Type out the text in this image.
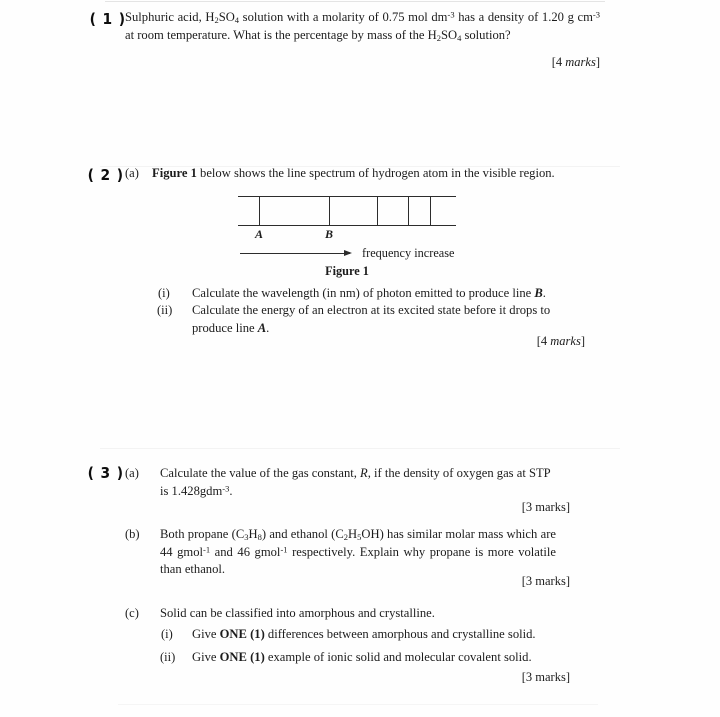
( 1 )
Sulphuric acid, $H_2SO_4$ solution with a molarity of 0.75 mol $dm^{-3}$ has a density of 1.20 g $cm^{-3}$ at room temperature. What is the percentage by mass of the $H_2SO_4$ solution?
[4 marks]
( 2 ) (a) Figure 1 below shows the line spectrum of hydrogen atom in the visible region.
A	B
frequency increase
Figure 1
(i) Calculate the wavelength (in nm) of photon emitted to produce line B.
(ii) Calculate the energy of an electron at its excited state before it drops to produce line A.
[4 marks]
( 3 ) (a) Calculate the value of the gas constant, R, if the density of oxygen gas at STP is 1.428gdm$^{-3}$.
[3 marks]
(b) Both propane $(C_3H_8)$ and ethanol $(C_2H_5OH)$ has similar molar mass which are 44 gmol$^{-1}$ and 46 gmol$^{-1}$ respectively. Explain why propane is more volatile than ethanol.
[3 marks]
(c) Solid can be classified into amorphous and crystalline.
(i) Give ONE (1) differences between amorphous and crystalline solid.
(ii) Give ONE (1) example of ionic solid and molecular covalent solid.
[3 marks]
